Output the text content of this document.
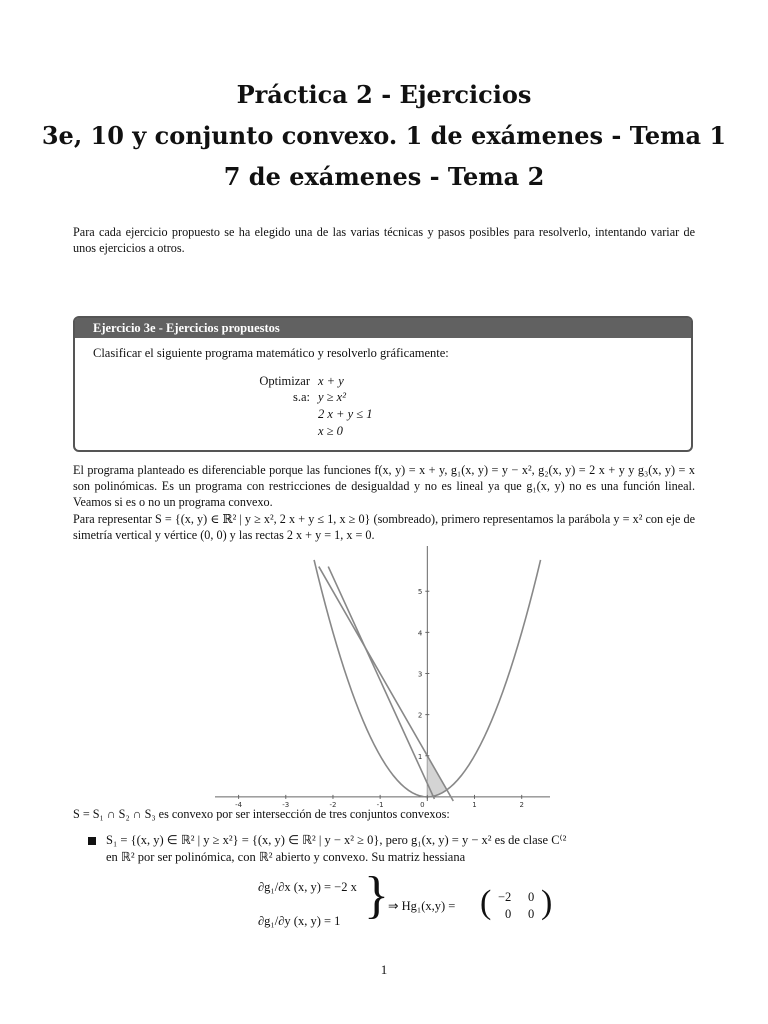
Práctica 2 - Ejercicios
3e, 10 y conjunto convexo. 1 de exámenes - Tema 1
7 de exámenes - Tema 2
Para cada ejercicio propuesto se ha elegido una de las varias técnicas y pasos posibles para resolverlo, intentando variar de unos ejercicios a otros.
Ejercicio 3e - Ejercicios propuestos
Clasificar el siguiente programa matemático y resolverlo gráficamente:
Optimizar x + y
s.a: y ≥ x²
2 x + y ≤ 1
x ≥ 0
El programa planteado es diferenciable porque las funciones f(x, y) = x + y, g₁(x, y) = y − x², g₂(x, y) = 2 x + y y g₃(x, y) = x son polinómicas. Es un programa con restricciones de desigualdad y no es lineal ya que g₁(x, y) no es una función lineal. Veamos si es o no un programa convexo.
Para representar S = {(x, y) ∈ ℝ² | y ≥ x², 2 x + y ≤ 1, x ≥ 0} (sombreado), primero representamos la parábola y = x² con eje de simetría vertical y vértice (0, 0) y las rectas 2 x + y = 1, x = 0.
-4	-3	-2	-1	0	1	2
1
2
3
4
5
S = S₁ ∩ S₂ ∩ S₃ es convexo por ser intersección de tres conjuntos convexos:
S₁ = {(x, y) ∈ ℝ² | y ≥ x²} = {(x, y) ∈ ℝ² | y − x² ≥ 0}, pero g₁(x, y) = y − x² es de clase C⁽²
en ℝ² por ser polinómica, con ℝ² abierto y convexo. Su matriz hessiana
∂g₁/∂x (x, y) = −2 x
∂g₁/∂y (x, y) = 1 } ⇒ Hg₁(x,y) = ( −2 0
0 0 )
1
